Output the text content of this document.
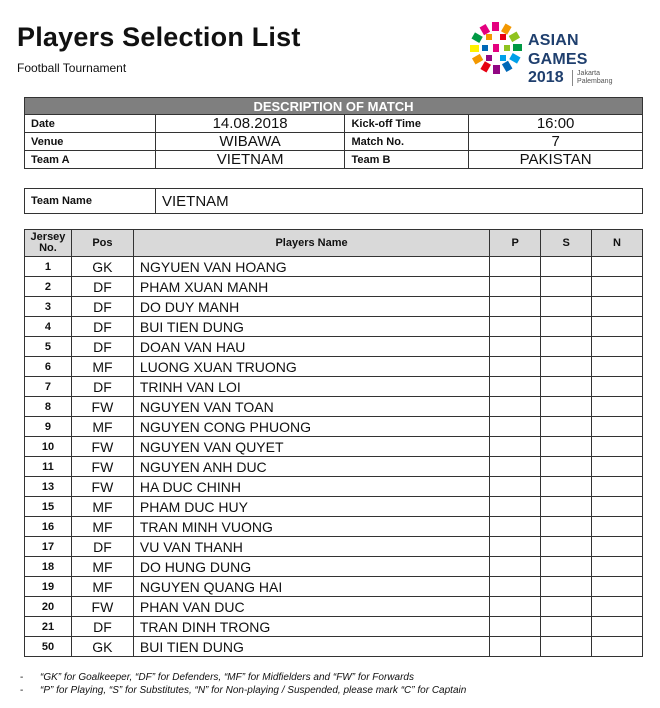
Players Selection List
Football Tournament
ASIAN GAMES
2018 Jakarta
Palembang
DESCRIPTION OF MATCH			
Date	14.08.2018	Kick-off Time	16:00
Venue	WIBAWA	Match No.	7
Team A	VIETNAM	Team B	PAKISTAN
Team Name	VIETNAM
Jersey No.	Pos	Players Name	P	S	N
1	GK	NGYUEN VAN HOANG			
2	DF	PHAM XUAN MANH			
3	DF	DO DUY MANH			
4	DF	BUI TIEN DUNG			
5	DF	DOAN VAN HAU			
6	MF	LUONG XUAN TRUONG			
7	DF	TRINH VAN LOI			
8	FW	NGUYEN VAN TOAN			
9	MF	NGUYEN CONG PHUONG			
10	FW	NGUYEN VAN QUYET			
11	FW	NGUYEN ANH DUC			
13	FW	HA DUC CHINH			
15	MF	PHAM DUC HUY			
16	MF	TRAN MINH VUONG			
17	DF	VU VAN THANH			
18	MF	DO HUNG DUNG			
19	MF	NGUYEN QUANG HAI			
20	FW	PHAN VAN DUC			
21	DF	TRAN DINH TRONG			
50	GK	BUI TIEN DUNG			
- “GK” for Goalkeeper, “DF” for Defenders, “MF” for Midfielders and “FW” for Forwards
- “P” for Playing, “S” for Substitutes, “N” for Non-playing / Suspended, please mark “C” for Captain
